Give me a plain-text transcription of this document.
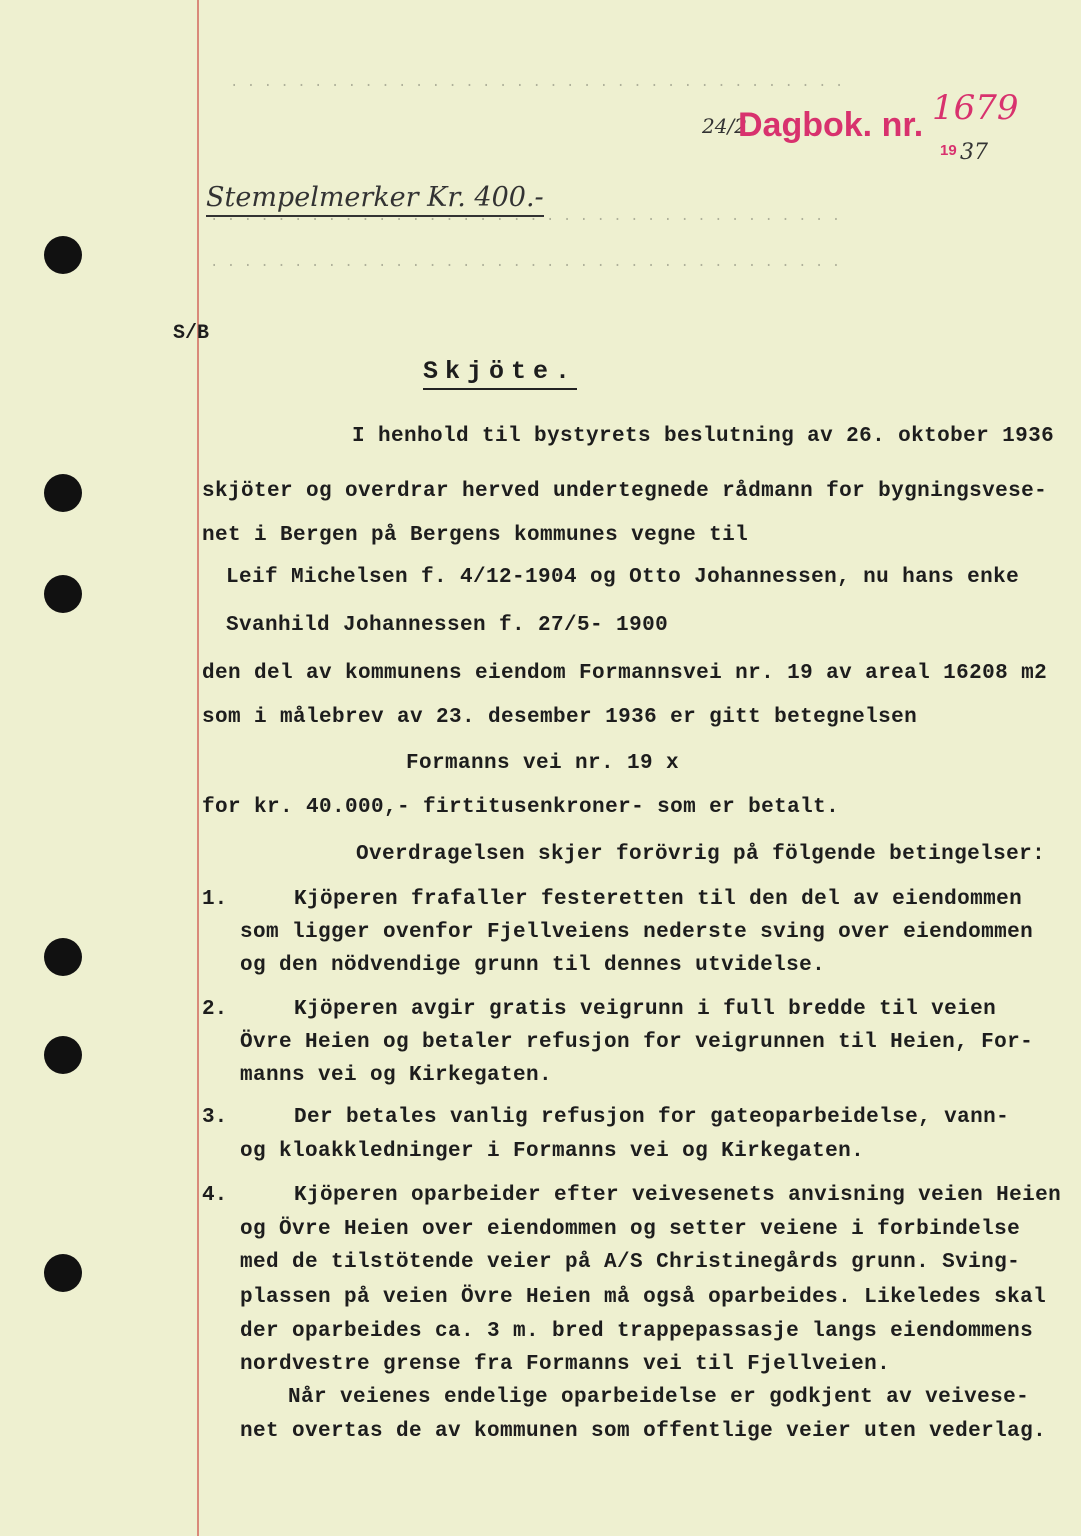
· · · · · · · · · · · · · · · · · · · · · · · · · · · · · · · · · · · · ·
· · · · · · · · · · · · · · · · · · · · · · · · · · · · · · · · · · · · · ·
· · · · · · · · · · · · · · · · · · · · · · · · · · · · · · · · · · · · · ·
24/2
Dagbok. nr. 1679
19 37
Stempelmerker Kr. 400.-
S/B
Skjöte.
I henhold til bystyrets beslutning av 26. oktober 1936
skjöter og overdrar herved undertegnede rådmann for bygningsvese-
net i Bergen på Bergens kommunes vegne til
Leif Michelsen f. 4/12-1904 og Otto Johannessen, nu hans enke
Svanhild Johannessen f. 27/5- 1900
den del av kommunens eiendom Formannsvei nr. 19 av areal 16208 m2
som i målebrev av 23. desember 1936 er gitt betegnelsen
Formanns vei nr. 19 x
for kr. 40.000,- firtitusenkroner- som er betalt.
Overdragelsen skjer forövrig på fölgende betingelser:
1.	Kjöperen frafaller festeretten til den del av eiendommen
som ligger ovenfor Fjellveiens nederste sving over eiendommen
og den nödvendige grunn til dennes utvidelse.
2.	Kjöperen avgir gratis veigrunn i full bredde til veien
Övre Heien og betaler refusjon for veigrunnen til Heien, For-
manns vei og Kirkegaten.
3.	Der betales vanlig refusjon for gateoparbeidelse, vann-
og kloakkledninger i Formanns vei og Kirkegaten.
4.	Kjöperen oparbeider efter veivesenets anvisning veien Heien
og Övre Heien over eiendommen og setter veiene i forbindelse
med de tilstötende veier på A/S Christinegårds grunn. Sving-
plassen på veien Övre Heien må også oparbeides. Likeledes skal
der oparbeides ca. 3 m. bred trappepassasje langs eiendommens
nordvestre grense fra Formanns vei til Fjellveien.
Når veienes endelige oparbeidelse er godkjent av veivese-
net overtas de av kommunen som offentlige veier uten vederlag.
